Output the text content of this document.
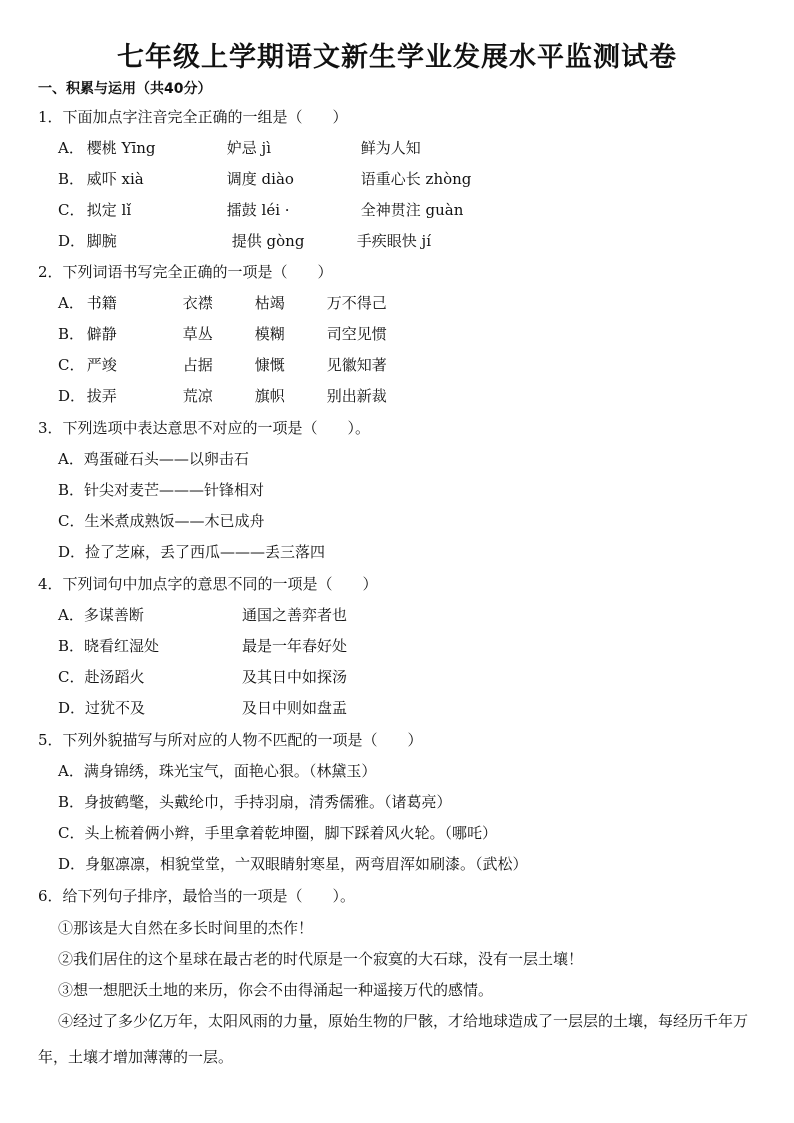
七年级上学期语文新生学业发展水平监测试卷
一、积累与运用（共40分）
1．下面加点字注音完全正确的一组是（　　）
A． 樱桃 Yīng	妒忌 jì	鲜为人知
B． 威吓 xià	调度 diào	语重心长 zhòng
C． 拟定 lǐ	擂鼓 léi ·	全神贯注 guàn
D． 脚腕	提供 gòng	手疾眼快 jí
2．下列词语书写完全正确的一项是（　　）
A． 书籍	衣襟	枯竭	万不得己
B． 僻静	草丛	模糊	司空见惯
C． 严竣	占据	慷慨	见徽知著
D． 拔弄	荒凉	旗帜	别出新裁
3．下列选项中表达意思不对应的一项是（　　）。
A．鸡蛋碰石头——以卵击石
B．针尖对麦芒———针锋相对
C．生米煮成熟饭——木已成舟
D．捡了芝麻，丢了西瓜———丢三落四
4．下列词句中加点字的意思不同的一项是（　　）
A．多谋善断	通国之善弈者也
B．晓看红湿处	最是一年春好处
C．赴汤蹈火	及其日中如探汤
D．过犹不及	及日中则如盘盂
5．下列外貌描写与所对应的人物不匹配的一项是（　　）
A．满身锦绣，珠光宝气，面艳心狠。（林黛玉）
B．身披鹤氅，头戴纶巾，手持羽扇，清秀儒雅。（诸葛亮）
C．头上梳着俩小辫，手里拿着乾坤圈，脚下踩着风火轮。（哪吒）
D．身躯凛凛，相貌堂堂，亠双眼睛射寒星，两弯眉浑如刷漆。（武松）
6．给下列句子排序，最恰当的一项是（　　）。
①那该是大自然在多长时间里的杰作！
②我们居住的这个星球在最古老的时代原是一个寂寞的大石球，没有一层土壤！
③想一想肥沃土地的来历，你会不由得涌起一种遥接万代的感情。
④经过了多少亿万年，太阳风雨的力量，原始生物的尸骸，才给地球造成了一层层的土壤，每经历千年万年，土壤才增加薄薄的一层。
